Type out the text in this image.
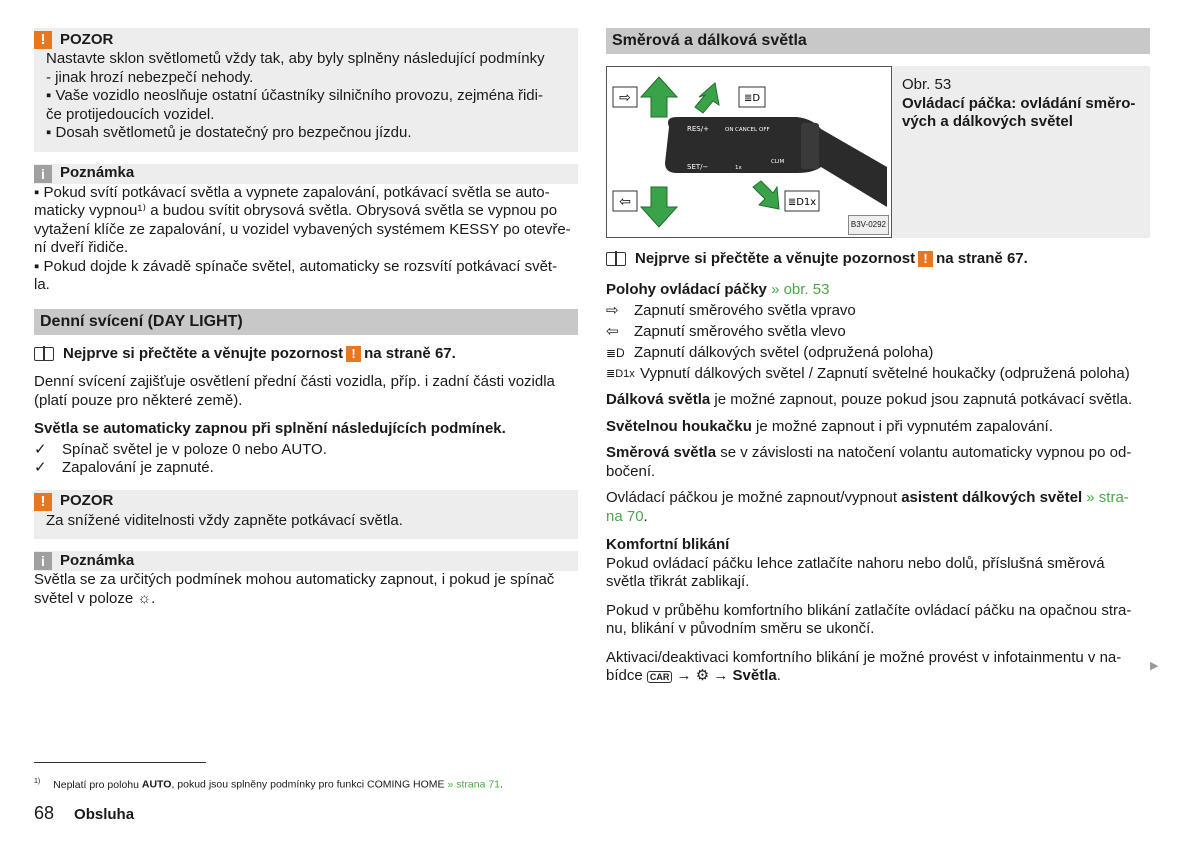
! POZOR
Nastavte sklon světlometů vždy tak, aby byly splněny následující podmínky
- jinak hrozí nebezpečí nehody.
▪ Vaše vozidlo neoslňuje ostatní účastníky silničního provozu, zejména řidi-
če protijedoucích vozidel.
▪ Dosah světlometů je dostatečný pro bezpečnou jízdu.
i	Poznámka
▪ Pokud svítí potkávací světla a vypnete zapalování, potkávací světla se auto-
maticky vypnou¹⁾ a budou svítit obrysová světla. Obrysová světla se vypnou po
vytažení klíče ze zapalování, u vozidel vybavených systémem KESSY po otevře-
ní dveří řidiče.
▪ Pokud dojde k závadě spínače světel, automaticky se rozsvítí potkávací svět-
la.
Denní svícení (DAY LIGHT)
Nejprve si přečtěte a věnujte pozornost ! na straně 67.

Denní svícení zajišťuje osvětlení přední části vozidla, příp. i zadní části vozidla
(platí pouze pro některé země).

Světla se automaticky zapnou při splnění následujících podmínek.

✓	Spínač světel je v poloze 0 nebo AUTO.
✓	Zapalování je zapnuté.
! POZOR
Za snížené viditelnosti vždy zapněte potkávací světla.
i	Poznámka
Světla se za určitých podmínek mohou automaticky zapnout, i pokud je spínač
světel v poloze ☼.
Směrová a dálková světla
⇨
⇦
≣D
≣D1x
RES/+	ON CANCEL OFF
SET/−	1x
CLIM
B3V-0292
Obr. 53
Ovládací páčka: ovládání směro-
vých a dálkových světel
Nejprve si přečtěte a věnujte pozornost ! na straně 67.

Polohy ovládací páčky » obr. 53

⇨	Zapnutí směrového světla vpravo
⇦	Zapnutí směrového světla vlevo
≣D Zapnutí dálkových světel (odpružená poloha)
≣D1x Vypnutí dálkových světel / Zapnutí světelné houkačky (odpružená poloha)

Dálková světla je možné zapnout, pouze pokud jsou zapnutá potkávací světla.

Světelnou houkačku je možné zapnout i při vypnutém zapalování.

Směrová světla se v závislosti na natočení volantu automaticky vypnou po od-
bočení.

Ovládací páčkou je možné zapnout/vypnout asistent dálkových světel » stra-
na 70.

Komfortní blikání
Pokud ovládací páčku lehce zatlačíte nahoru nebo dolů, příslušná směrová
světla třikrát zablikají.

Pokud v průběhu komfortního blikání zatlačíte ovládací páčku na opačnou stra-
nu, blikání v původním směru se ukončí.

Aktivaci/deaktivaci komfortního blikání je možné provést v infotainmentu v na-
bídce CAR → ⚙ → Světla.

▶
$^{1)}$ Neplatí pro polohu AUTO, pokud jsou splněny podmínky pro funkci COMING HOME » strana 71.
68 Obsluha
